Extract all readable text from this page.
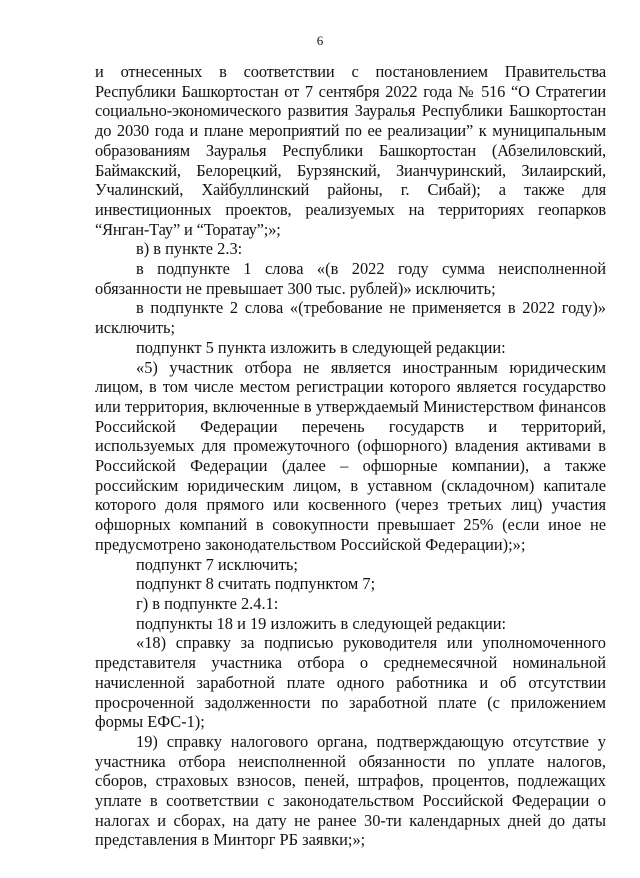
6

и отнесенных в соответствии с постановлением Правительства Республики Башкортостан от 7 сентября 2022 года № 516 “О Стратегии социально-экономического развития Зауралья Республики Башкортостан до 2030 года и плане мероприятий по ее реализации” к муниципальным образованиям Зауралья Республики Башкортостан (Абзелиловский, Баймакский, Белорецкий, Бурзянский, Зианчуринский, Зилаирский, Учалинский, Хайбуллинский районы, г. Сибай); а также для инвестиционных проектов, реализуемых на территориях геопарков “Янган-Тау” и “Торатау”;»;

в) в пункте 2.3:

в подпункте 1 слова «(в 2022 году сумма неисполненной обязанности не превышает 300 тыс. рублей)» исключить;

в подпункте 2 слова «(требование не применяется в 2022 году)» исключить;

подпункт 5 пункта изложить в следующей редакции:

«5) участник отбора не является иностранным юридическим лицом, в том числе местом регистрации которого является государство или территория, включенные в утверждаемый Министерством финансов Российской Федерации перечень государств и территорий, используемых для промежуточного (офшорного) владения активами в Российской Федерации (далее – офшорные компании), а также российским юридическим лицом, в уставном (складочном) капитале которого доля прямого или косвенного (через третьих лиц) участия офшорных компаний в совокупности превышает 25% (если иное не предусмотрено законодательством Российской Федерации);»;

подпункт 7 исключить;

подпункт 8 считать подпунктом 7;

г) в подпункте 2.4.1:

подпункты 18 и 19 изложить в следующей редакции:

«18) справку за подписью руководителя или уполномоченного представителя участника отбора о среднемесячной номинальной начисленной заработной плате одного работника и об отсутствии просроченной задолженности по заработной плате (с приложением формы ЕФС-1);

19) справку налогового органа, подтверждающую отсутствие у участника отбора неисполненной обязанности по уплате налогов, сборов, страховых взносов, пеней, штрафов, процентов, подлежащих уплате в соответствии с законодательством Российской Федерации о налогах и сборах, на дату не ранее 30-ти календарных дней до даты представления в Минторг РБ заявки;»;
